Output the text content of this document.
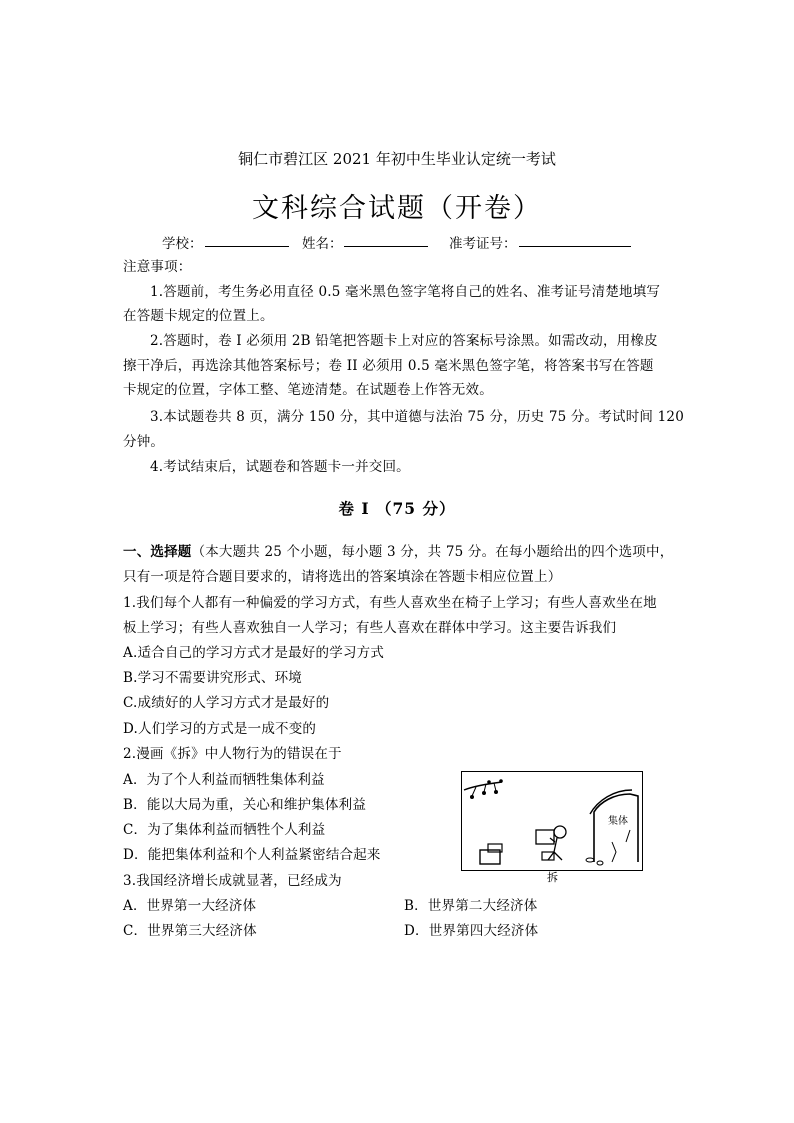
铜仁市碧江区 2021 年初中生毕业认定统一考试
文科综合试题（开卷）
学校：	姓名：	准考证号：
注意事项：
1.答题前，考生务必用直径 0.5 毫米黑色签字笔将自己的姓名、准考证号清楚地填写
在答题卡规定的位置上。
2.答题时，卷 I 必须用 2B 铅笔把答题卡上对应的答案标号涂黑。如需改动，用橡皮
擦干净后，再选涂其他答案标号；卷 II 必须用 0.5 毫米黑色签字笔，将答案书写在答题
卡规定的位置，字体工整、笔迹清楚。在试题卷上作答无效。
3.本试题卷共 8 页，满分 150 分，其中道德与法治 75 分，历史 75 分。考试时间 120
分钟。
4.考试结束后，试题卷和答题卡一并交回。
卷 I （75 分）
一、选择题（本大题共 25 个小题，每小题 3 分，共 75 分。在每小题给出的四个选项中，
只有一项是符合题目要求的，请将选出的答案填涂在答题卡相应位置上）
1.我们每个人都有一种偏爱的学习方式，有些人喜欢坐在椅子上学习；有些人喜欢坐在地
板上学习；有些人喜欢独自一人学习；有些人喜欢在群体中学习。这主要告诉我们
A.适合自己的学习方式才是最好的学习方式
B.学习不需要讲究形式、环境
C.成绩好的人学习方式才是最好的
D.人们学习的方式是一成不变的
2.漫画《拆》中人物行为的错误在于
A．为了个人利益而牺牲集体利益
B．能以大局为重，关心和维护集体利益
C．为了集体利益而牺牲个人利益
D．能把集体利益和个人利益紧密结合起来
集体
拆
3.我国经济增长成就显著，已经成为
A．世界第一大经济体	B．世界第二大经济体
C．世界第三大经济体	D．世界第四大经济体
